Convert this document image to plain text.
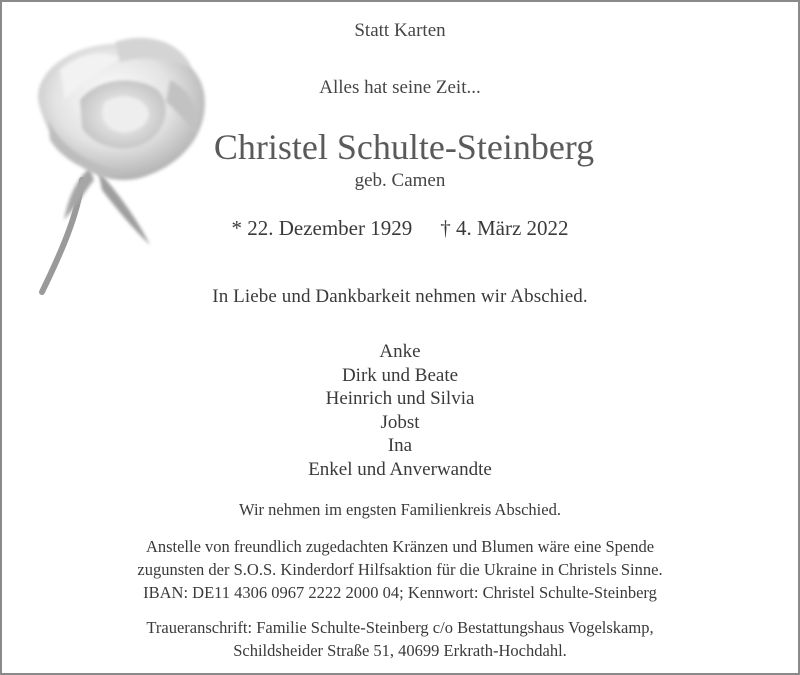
Statt Karten
Alles hat seine Zeit...
Christel Schulte-Steinberg
geb. Camen
* 22. Dezember 1929 † 4. März 2022
In Liebe und Dankbarkeit nehmen wir Abschied.
Anke
Dirk und Beate
Heinrich und Silvia
Jobst
Ina
Enkel und Anverwandte
Wir nehmen im engsten Familienkreis Abschied.
Anstelle von freundlich zugedachten Kränzen und Blumen wäre eine Spende
zugunsten der S.O.S. Kinderdorf Hilfsaktion für die Ukraine in Christels Sinne.
IBAN: DE11 4306 0967 2222 2000 04; Kennwort: Christel Schulte-Steinberg
Traueranschrift: Familie Schulte-Steinberg c/o Bestattungshaus Vogelskamp,
Schildsheider Straße 51, 40699 Erkrath-Hochdahl.
